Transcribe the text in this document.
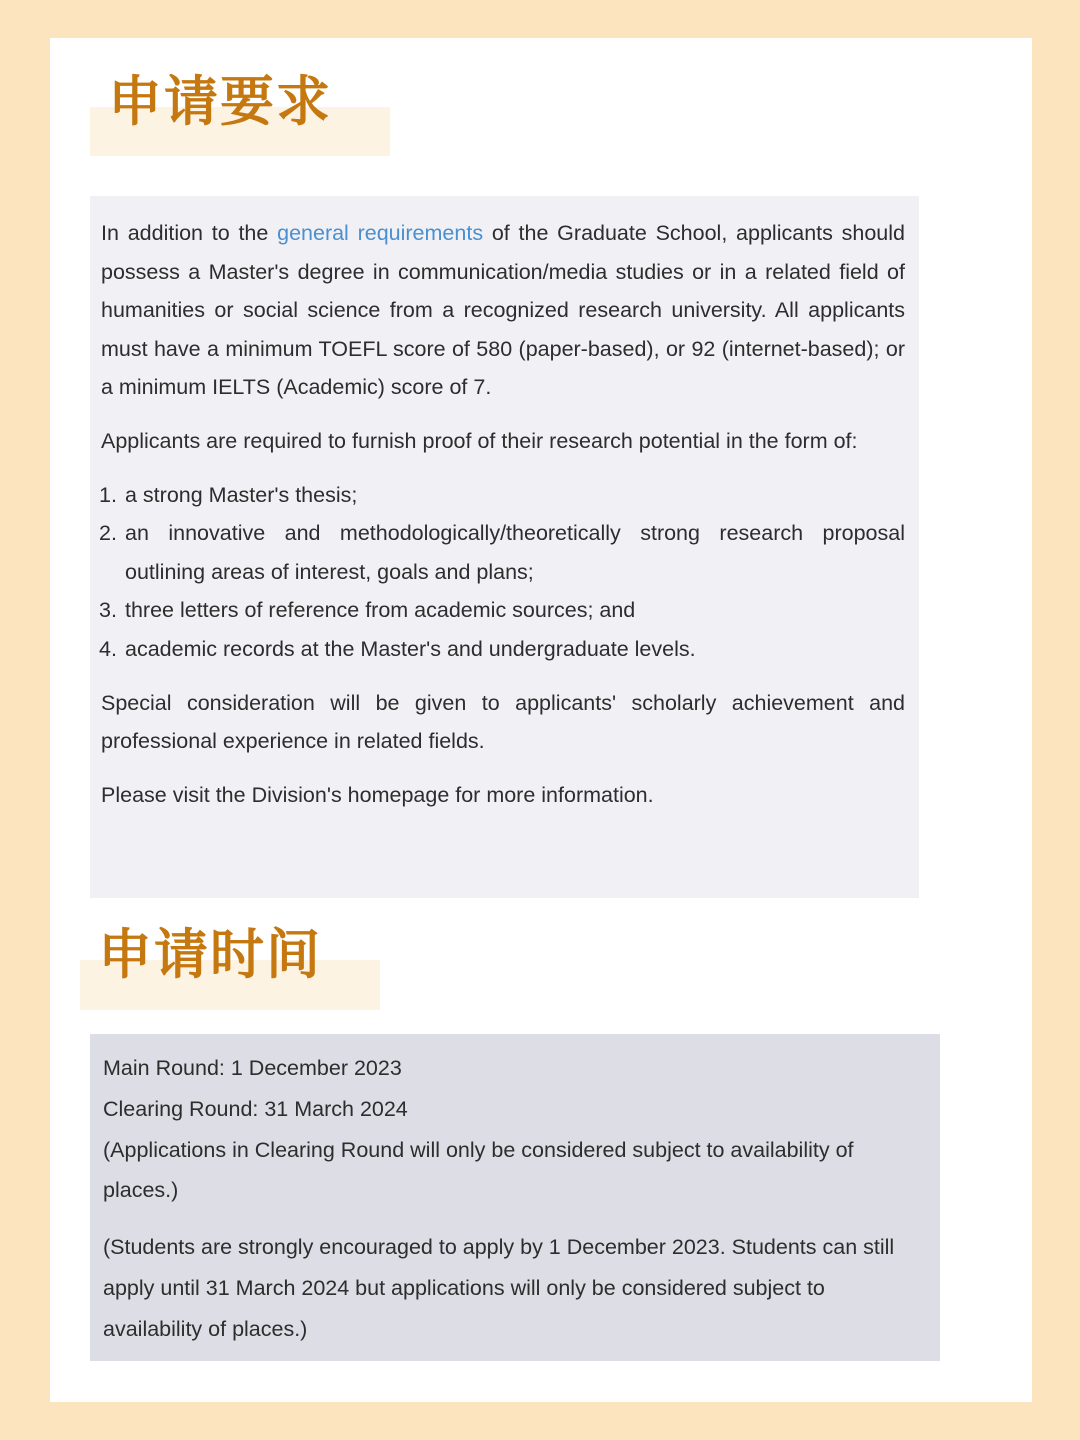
申请要求

In addition to the general requirements of the Graduate School, applicants should possess a Master's degree in communication/media studies or in a related field of humanities or social science from a recognized research university. All applicants must have a minimum TOEFL score of 580 (paper-based), or 92 (internet-based); or a minimum IELTS (Academic) score of 7.

Applicants are required to furnish proof of their research potential in the form of:

1. a strong Master's thesis;
2. an innovative and methodologically/theoretically strong research proposal outlining areas of interest, goals and plans;
3. three letters of reference from academic sources; and
4. academic records at the Master's and undergraduate levels.

Special consideration will be given to applicants' scholarly achievement and professional experience in related fields.

Please visit the Division's homepage for more information.

申请时间

Main Round: 1 December 2023

Clearing Round: 31 March 2024

(Applications in Clearing Round will only be considered subject to availability of places.)

(Students are strongly encouraged to apply by 1 December 2023. Students can still apply until 31 March 2024 but applications will only be considered subject to availability of places.)
